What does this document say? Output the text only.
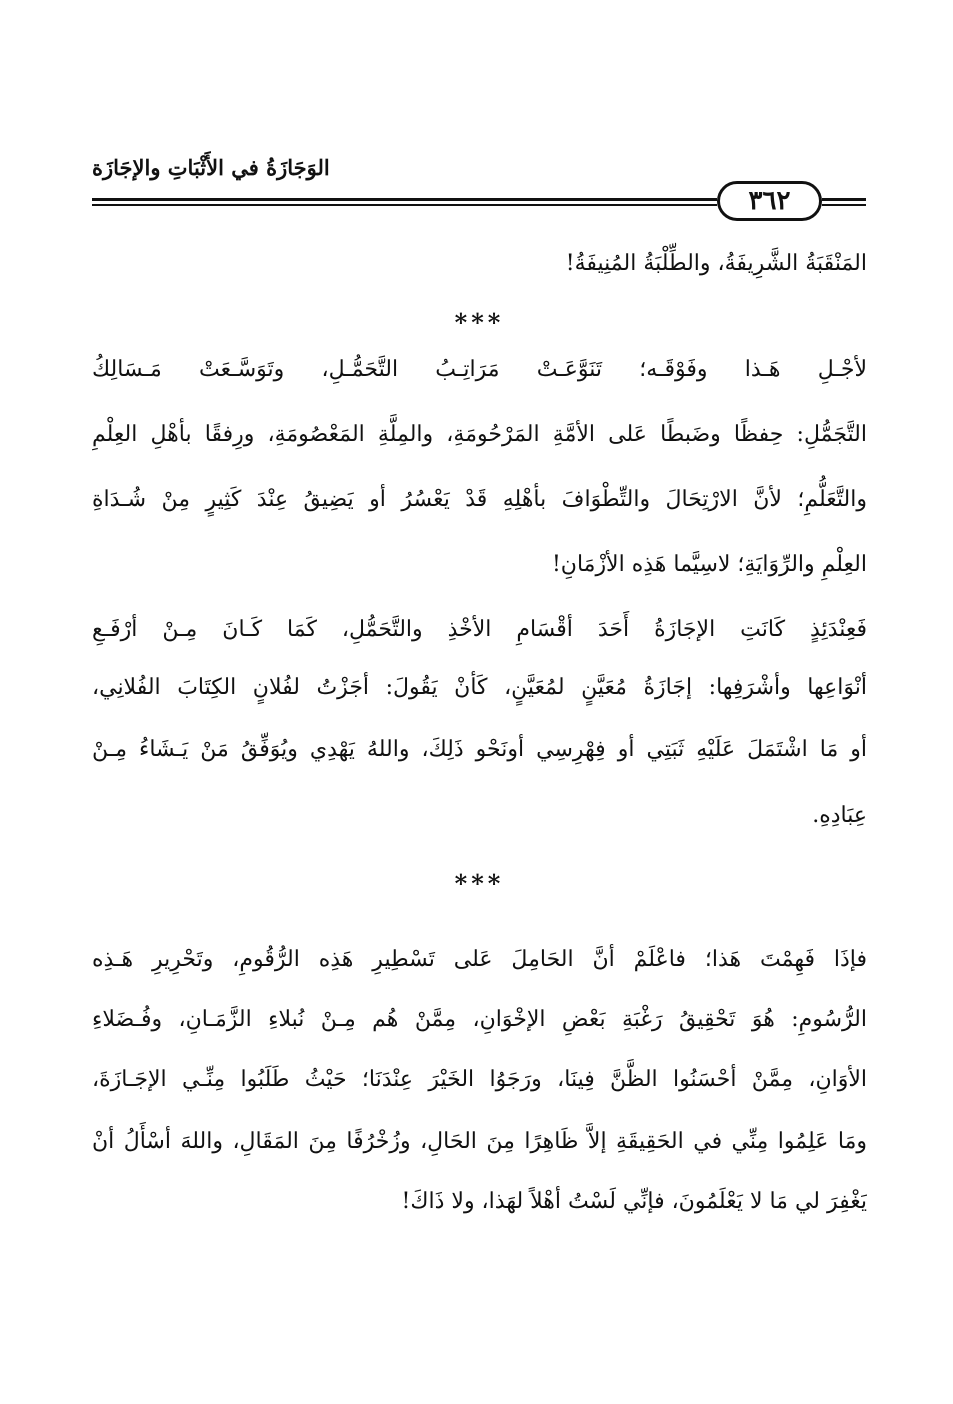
الوَجَازَةُ في الأَثْبَاتِ والإجَازَة
٣٦٢
المَنْقَبَةُ الشَّرِيفَةُ، والطِّلْبَةُ المُنِيفَةُ!
***
لأجْـلِ هَـذا وفَوْقَـه؛ تَنَوَّعَـتْ مَرَاتِـبُ التَّحَمُّـلِ، وتَوَسَّـعَتْ مَـسَالِكُ
التَّجَمُّلِ: حِفظًا وضَبطًا عَلى الأمَّةِ المَرْحُومَةِ، والمِلَّةِ المَعْصُومَةِ، ورِفقًا بأهْلِ العِلْمِ
والتَّعَلُّمِ؛ لأنَّ الارْتِحَالَ والتِّطْوَافَ بأهْلِهِ قَدْ يَعْسُرُ أو يَضِيقُ عِنْدَ كَثِيرٍ مِنْ شُـدَاةِ
العِلْمِ والرِّوَايَةِ؛ لاسِيَّما هَذِه الأزْمَانِ!
فَعِنْدَئِذٍ كَانَتِ الإجَازَةُ أَحَدَ أقْسَامِ الأخْذِ والتَّحَمُّلِ، كَمَا كَـانَ مِـنْ أرْفَـعِ
أنْوَاعِها وأشْرَفِها: إجَازَةُ مُعَيَّنٍ لمُعَيَّنٍ، كَأنْ يَقُولَ: أجَزْتُ لفُلانٍ الكِتَابَ الفُلانِي،
أو مَا اشْتَمَلَ عَلَيْهِ ثَبَتِي أو فِهْرِسِي أونَحْو ذَلِكَ، واللهُ يَهْدِي ويُوَفِّقُ مَنْ يَـشَاءُ مِـنْ
عِبَادِهِ.
***
فإذَا فَهِمْتَ هَذا؛ فاعْلَمْ أنَّ الحَامِلَ عَلى تَسْطِيرِ هَذِه الرُّقُومِ، وتَحْرِيرِ هَـذِه
الرُّسُومِ: هُوَ تَحْقِيقُ رَغْبَةِ بَعْضِ الإخْوَانِ، مِمَّنْ هُم مِـنْ نُبلاءِ الزَّمَـانِ، وفُـضَلاءِ
الأوَانِ، مِمَّنْ أحْسَنُوا الظَّنَّ فِينَا، ورَجَوُا الخَيْرَ عِنْدَنَا؛ حَيْثُ طَلَبُوا مِنِّـي الإجَـازَةَ،
ومَا عَلِمُوا مِنِّي في الحَقِيقَةِ إلاَّ ظَاهِرًا مِنَ الحَالِ، وزُخْرُفًا مِنَ المَقَالِ، واللهَ أسْأَلُ أنْ
يَغْفِرَ لي مَا لا يَعْلَمُونَ، فإنِّي لَسْتُ أهْلاً لهَذا، ولا ذَاكَ!
